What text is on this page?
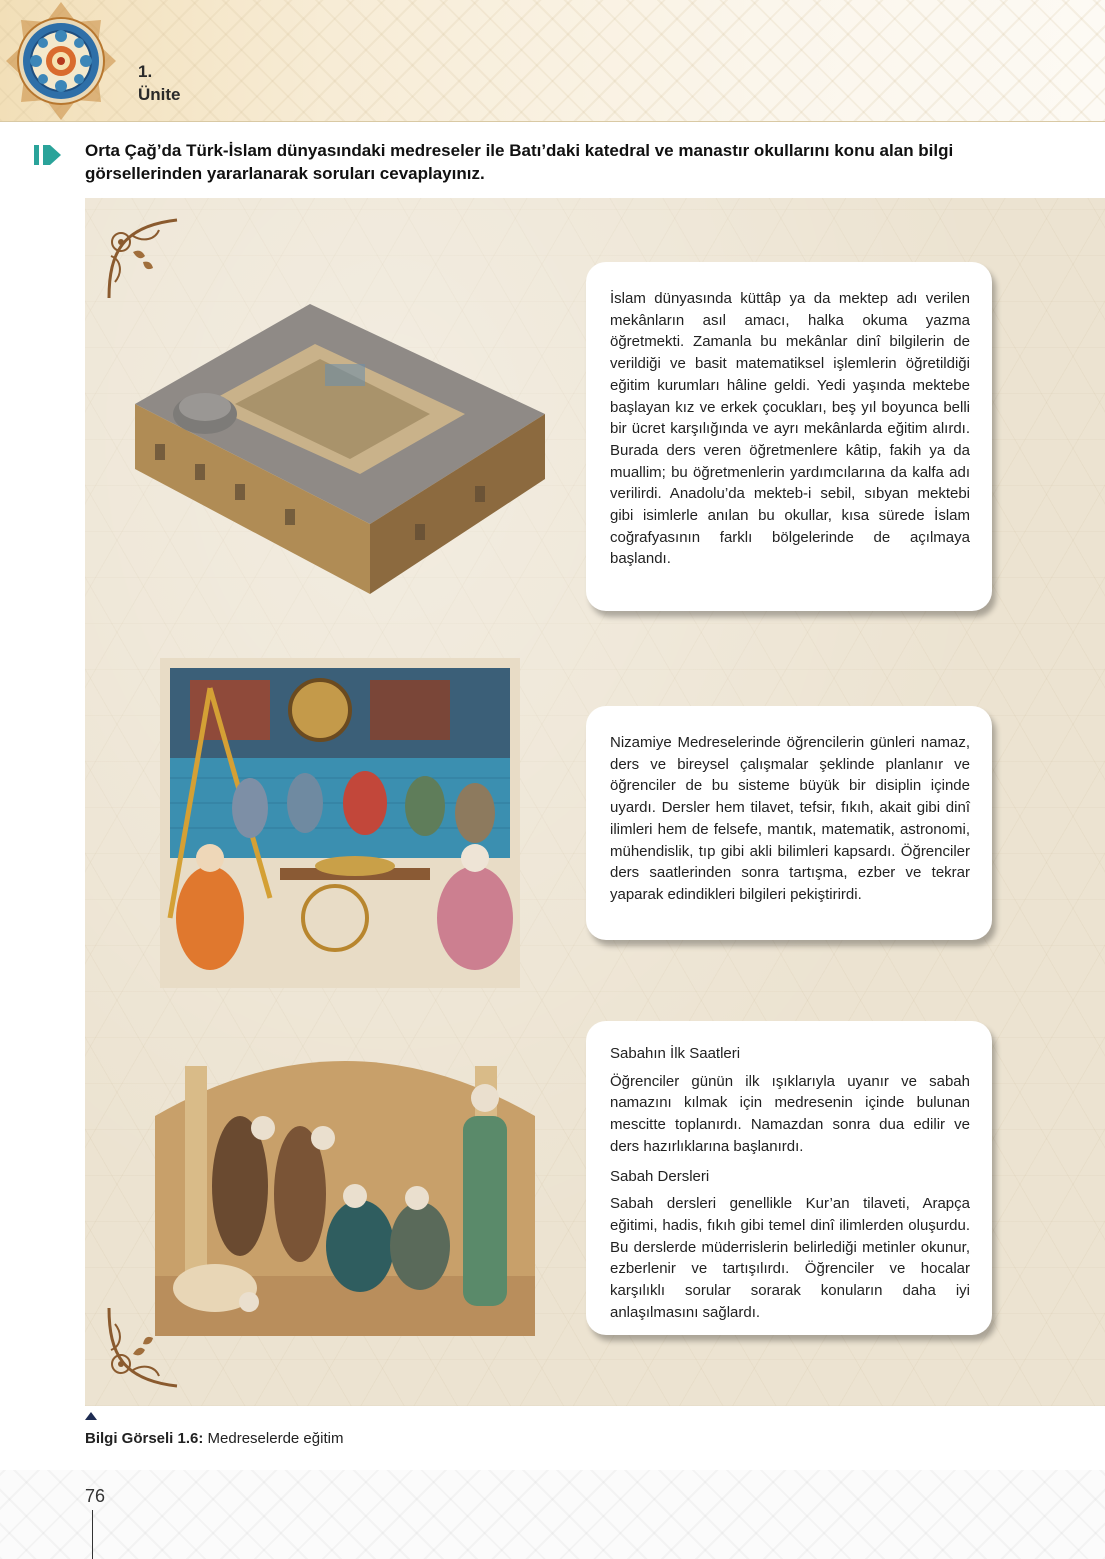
1.
Ünite
Orta Çağ’da Türk-İslam dünyasındaki medreseler ile Batı’daki katedral ve manastır okullarını konu alan bilgi görsellerinden yararlanarak soruları cevaplayınız.

İslam dünyasında küttâp ya da mektep adı verilen mekânların asıl amacı, halka okuma yazma öğretmekti. Zamanla bu mekânlar dinî bilgilerin de verildiği ve basit matematiksel işlemlerin öğretildiği eğitim kurumları hâline geldi. Yedi yaşında mektebe başlayan kız ve erkek çocukları, beş yıl boyunca belli bir ücret karşılığında ve ayrı mekânlarda eğitim alırdı. Burada ders veren öğretmenlere kâtip, fakih ya da muallim; bu öğretmenlerin yardımcılarına da kalfa adı verilirdi. Anadolu’da mekteb-i sebil, sıbyan mektebi gibi isimlerle anılan bu okullar, kısa sürede İslam coğrafyasının farklı bölgelerinde de açılmaya başlandı.

Nizamiye Medreselerinde öğrencilerin günleri namaz, ders ve bireysel çalışmalar şeklinde planlanır ve öğrenciler de bu sisteme büyük bir disiplin içinde uyardı. Dersler hem tilavet, tefsir, fıkıh, akait gibi dinî ilimleri hem de felsefe, mantık, matematik, astronomi, mühendislik, tıp gibi akli bilimleri kapsardı. Öğrenciler ders saatlerinden sonra tartışma, ezber ve tekrar yaparak edindikleri bilgileri pekiştirirdi.

Sabahın İlk Saatleri

Öğrenciler günün ilk ışıklarıyla uyanır ve sabah namazını kılmak için medresenin içinde bulunan mescitte toplanırdı. Namazdan sonra dua edilir ve ders hazırlıklarına başlanırdı.

Sabah Dersleri

Sabah dersleri genellikle Kur’an tilaveti, Arapça eğitimi, hadis, fıkıh gibi temel dinî ilimlerden oluşurdu. Bu derslerde müderrislerin belirlediği metinler okunur, ezberlenir ve tartışılırdı. Öğrenciler ve hocalar karşılıklı sorular sorarak konuların daha iyi anlaşılmasını sağlardı.

Bilgi Görseli 1.6: Medreselerde eğitim
76
